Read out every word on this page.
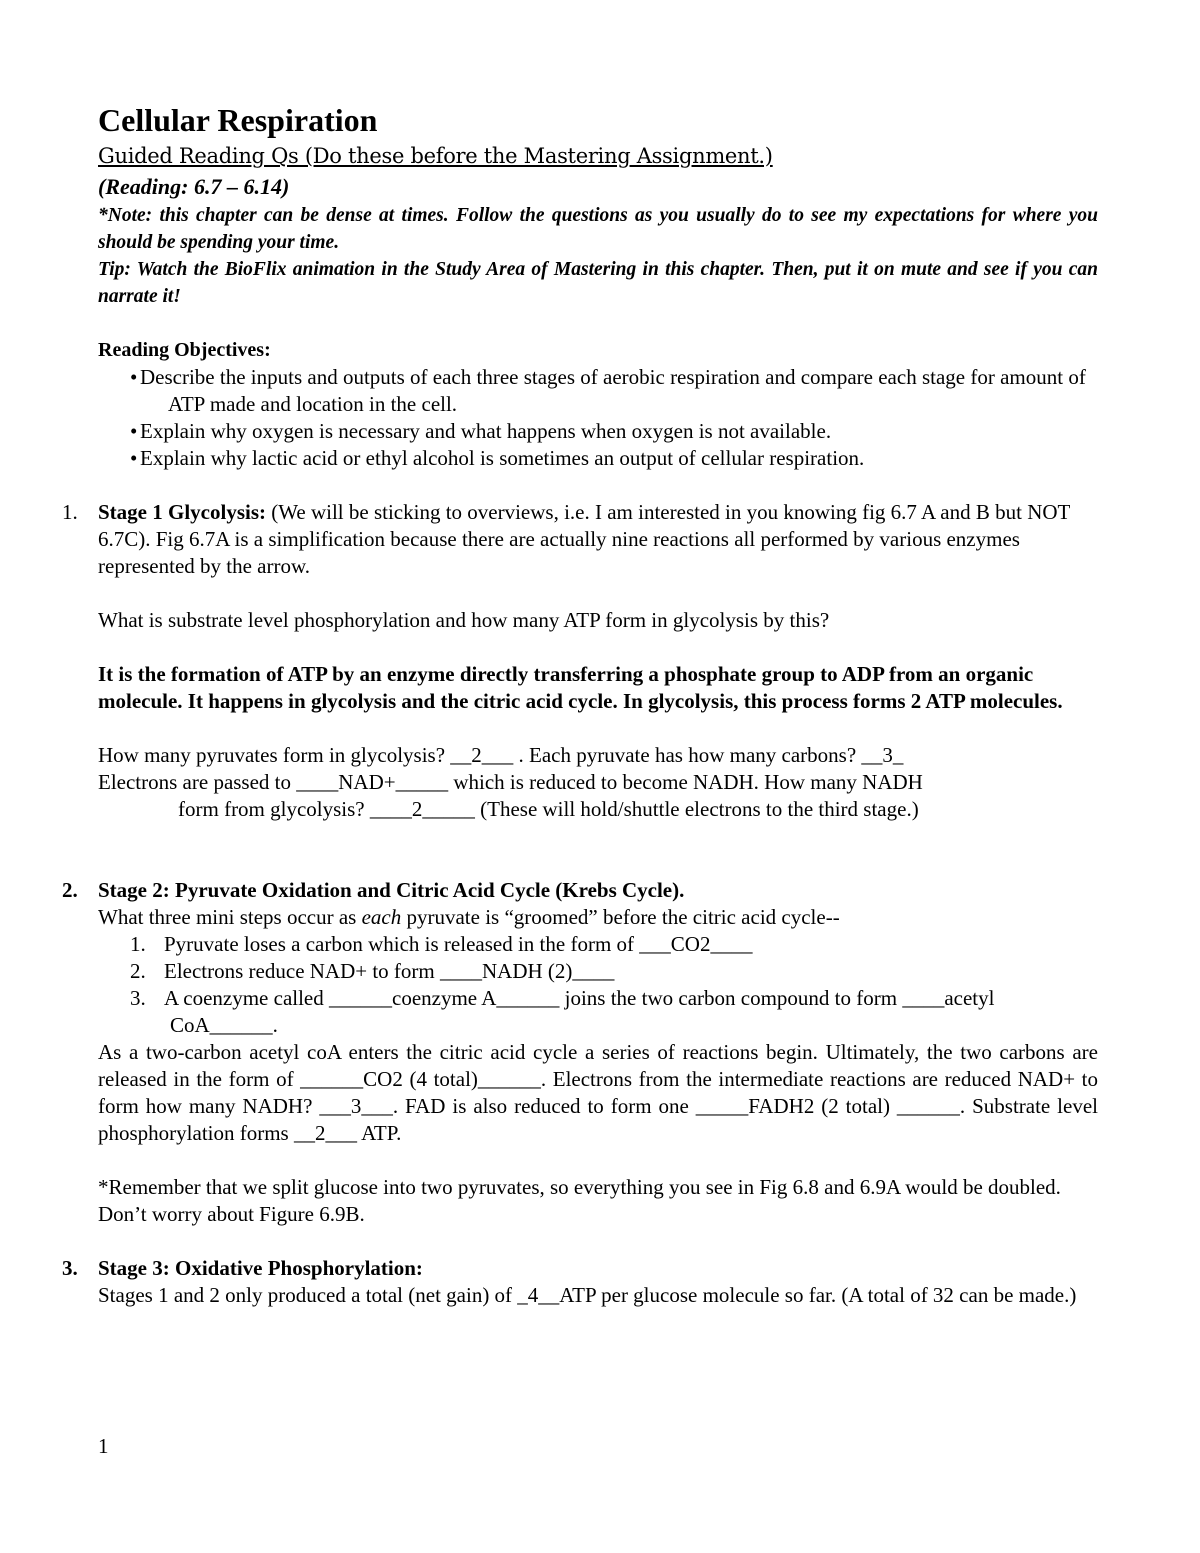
Cellular Respiration
Guided Reading Qs (Do these before the Mastering Assignment.)
(Reading: 6.7 – 6.14)
*Note: this chapter can be dense at times. Follow the questions as you usually do to see my expectations for where you should be spending your time.
Tip: Watch the BioFlix animation in the Study Area of Mastering in this chapter. Then, put it on mute and see if you can narrate it!
Reading Objectives:
• Describe the inputs and outputs of each three stages of aerobic respiration and compare each stage for amount of ATP made and location in the cell.
• Explain why oxygen is necessary and what happens when oxygen is not available.
• Explain why lactic acid or ethyl alcohol is sometimes an output of cellular respiration.
1. Stage 1 Glycolysis: (We will be sticking to overviews, i.e. I am interested in you knowing fig 6.7 A and B but NOT 6.7C). Fig 6.7A is a simplification because there are actually nine reactions all performed by various enzymes represented by the arrow.
What is substrate level phosphorylation and how many ATP form in glycolysis by this?
It is the formation of ATP by an enzyme directly transferring a phosphate group to ADP from an organic molecule. It happens in glycolysis and the citric acid cycle. In glycolysis, this process forms 2 ATP molecules.
How many pyruvates form in glycolysis? __2___ . Each pyruvate has how many carbons? __3_
Electrons are passed to ____NAD+_____ which is reduced to become NADH. How many NADH
form from glycolysis? ____2_____ (These will hold/shuttle electrons to the third stage.)
2. Stage 2: Pyruvate Oxidation and Citric Acid Cycle (Krebs Cycle).
What three mini steps occur as each pyruvate is “groomed” before the citric acid cycle--
1. Pyruvate loses a carbon which is released in the form of ___CO2____
2. Electrons reduce NAD+ to form ____NADH (2)____
3. A coenzyme called ______coenzyme A______ joins the two carbon compound to form ____acetyl
CoA______.
As a two-carbon acetyl coA enters the citric acid cycle a series of reactions begin. Ultimately, the two carbons are released in the form of ______CO2 (4 total)______. Electrons from the intermediate reactions are reduced NAD+ to form how many NADH? ___3___. FAD is also reduced to form one _____FADH2 (2 total) ______. Substrate level phosphorylation forms __2___ ATP.
*Remember that we split glucose into two pyruvates, so everything you see in Fig 6.8 and 6.9A would be doubled. Don’t worry about Figure 6.9B.
3. Stage 3: Oxidative Phosphorylation:
Stages 1 and 2 only produced a total (net gain) of _4__ATP per glucose molecule so far. (A total of 32 can be made.)
1
